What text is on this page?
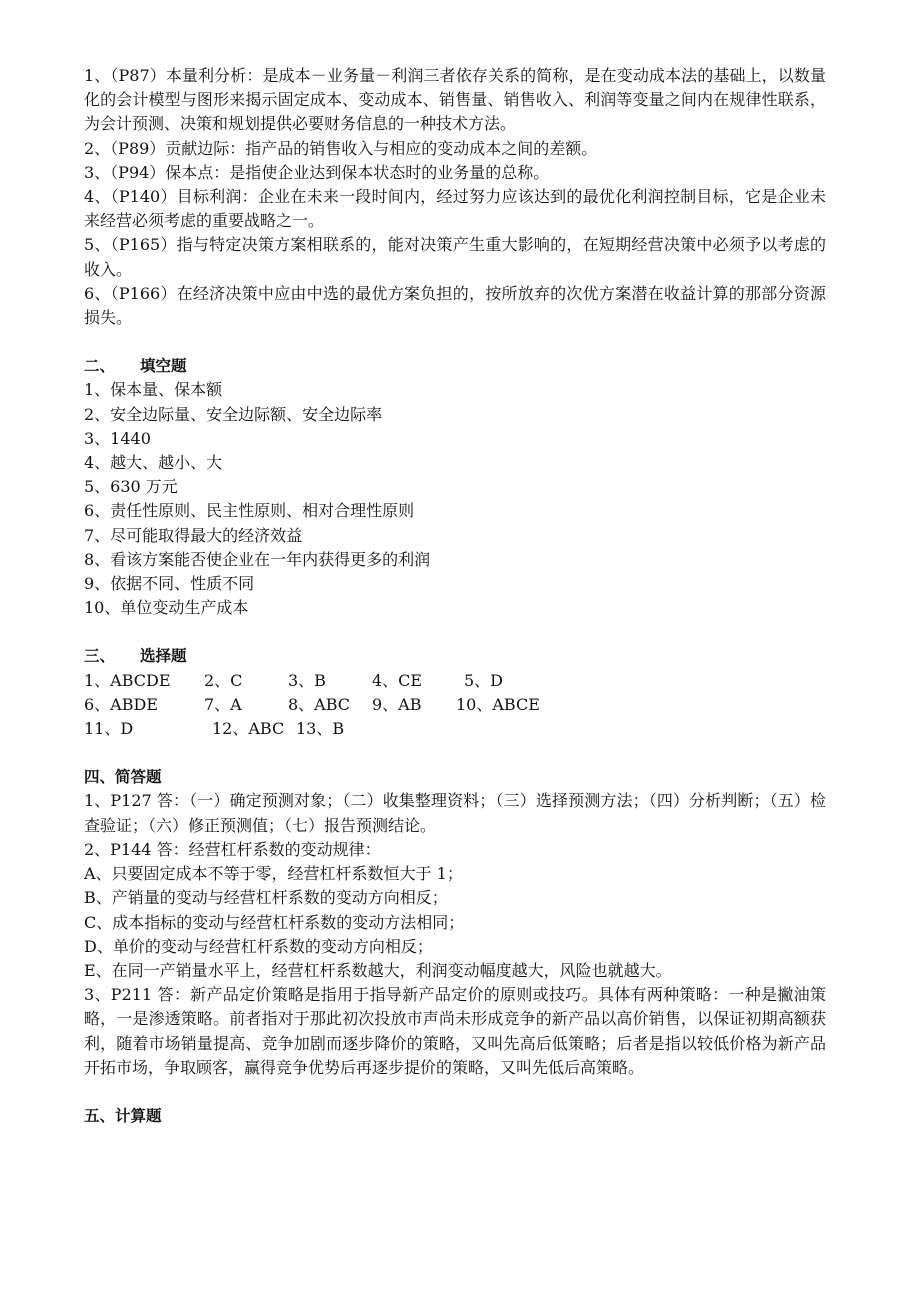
1、（P87）本量利分析：是成本－业务量－利润三者依存关系的简称，是在变动成本法的基础上，以数量化的会计模型与图形来揭示固定成本、变动成本、销售量、销售收入、利润等变量之间内在规律性联系，为会计预测、决策和规划提供必要财务信息的一种技术方法。

2、（P89）贡献边际：指产品的销售收入与相应的变动成本之间的差额。

3、（P94）保本点：是指使企业达到保本状态时的业务量的总称。

4、（P140）目标利润：企业在未来一段时间内，经过努力应该达到的最优化利润控制目标，它是企业未来经营必须考虑的重要战略之一。

5、（P165）指与特定决策方案相联系的，能对决策产生重大影响的，在短期经营决策中必须予以考虑的收入。

6、（P166）在经济决策中应由中选的最优方案负担的，按所放弃的次优方案潜在收益计算的那部分资源损失。

二、 填空题

1、保本量、保本额

2、安全边际量、安全边际额、安全边际率

3、1440

4、越大、越小、大

5、630 万元

6、责任性原则、民主性原则、相对合理性原则

7、尽可能取得最大的经济效益

8、看该方案能否使企业在一年内获得更多的利润

9、依据不同、性质不同

10、单位变动生产成本

三、 选择题

1、ABCDE 2、C	3、B	4、CE	5、D

6、ABDE	7、A	8、ABC 9、AB 10、ABCE

11、D	12、ABC 13、B

四、简答题

1、P127 答：（一）确定预测对象；（二）收集整理资料；（三）选择预测方法；（四）分析判断；（五）检查验证；（六）修正预测值；（七）报告预测结论。

2、P144 答：经营杠杆系数的变动规律：

A、只要固定成本不等于零，经营杠杆系数恒大于 1；

B、产销量的变动与经营杠杆系数的变动方向相反；

C、成本指标的变动与经营杠杆系数的变动方法相同；

D、单价的变动与经营杠杆系数的变动方向相反；

E、在同一产销量水平上，经营杠杆系数越大，利润变动幅度越大，风险也就越大。

3、P211 答：新产品定价策略是指用于指导新产品定价的原则或技巧。具体有两种策略：一种是撇油策略，一是渗透策略。前者指对于那此初次投放市声尚未形成竞争的新产品以高价销售，以保证初期高额获利，随着市场销量提高、竞争加剧而逐步降价的策略，又叫先高后低策略；后者是指以较低价格为新产品开拓市场，争取顾客，赢得竞争优势后再逐步提价的策略，又叫先低后高策略。

五、计算题
